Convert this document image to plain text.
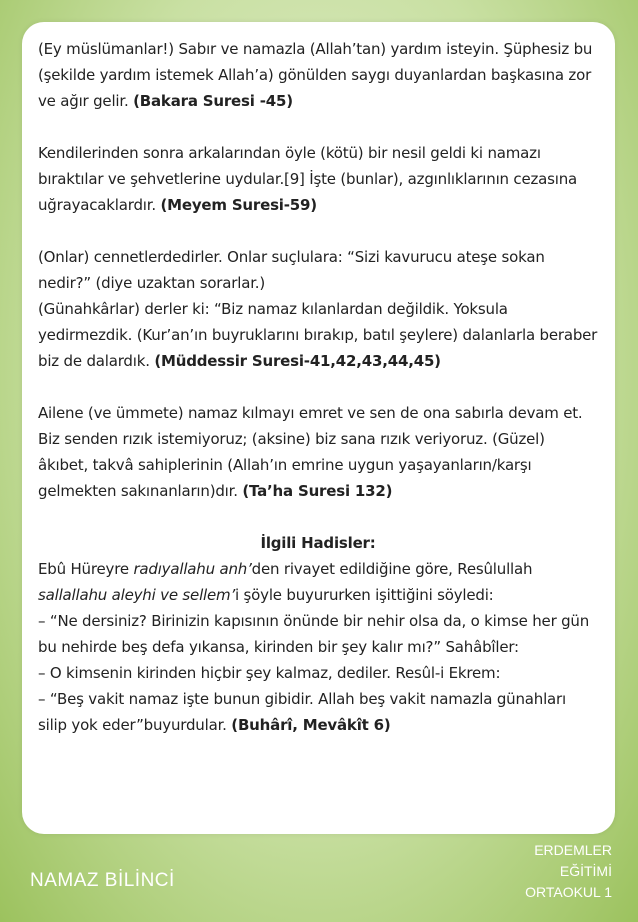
(Ey müslümanlar!) Sabır ve namazla (Allah’tan) yardım isteyin. Şüphesiz bu (şekilde yardım istemek Allah’a) gönülden saygı duyanlardan başkasına zor ve ağır gelir. (Bakara Suresi -45)

Kendilerinden sonra arkalarından öyle (kötü) bir nesil geldi ki namazı bıraktılar ve şehvetlerine uydular.[9] İşte (bunlar), azgınlıklarının cezasına uğrayacaklardır. (Meyem Suresi-59)

(Onlar) cennetlerdedirler. Onlar suçlulara: “Sizi kavurucu ateşe sokan nedir?” (diye uzaktan sorarlar.)
(Günahkârlar) derler ki: “Biz namaz kılanlardan değildik. Yoksula yedirmezdik. (Kur’an’ın buyruklarını bırakıp, batıl şeylere) dalanlarla beraber biz de dalardık. (Müddessir Suresi-41,42,43,44,45)

Ailene (ve ümmete) namaz kılmayı emret ve sen de ona sabırla devam et. Biz senden rızık istemiyoruz; (aksine) biz sana rızık veriyoruz. (Güzel) âkıbet, takvâ sahiplerinin (Allah’ın emrine uygun yaşayanların/karşı gelmekten sakınanların)dır. (Ta’ha Suresi 132)

İlgili Hadisler:

Ebû Hüreyre radıyallahu anh’den rivayet edildiğine göre, Resûlullah sallallahu aleyhi ve sellem’i şöyle buyururken işittiğini söyledi:

– “Ne dersiniz? Birinizin kapısının önünde bir nehir olsa da, o kimse her gün bu nehirde beş defa yıkansa, kirinden bir şey kalır mı?” Sahâbîler:

– O kimsenin kirinden hiçbir şey kalmaz, dediler. Resûl-i Ekrem:

– “Beş vakit namaz işte bunun gibidir. Allah beş vakit namazla günahları silip yok eder”buyurdular. (Buhârî, Mevâkît 6)

NAMAZ BİLİNCİ
ERDEMLER
EĞİTİMİ
ORTAOKUL 1
